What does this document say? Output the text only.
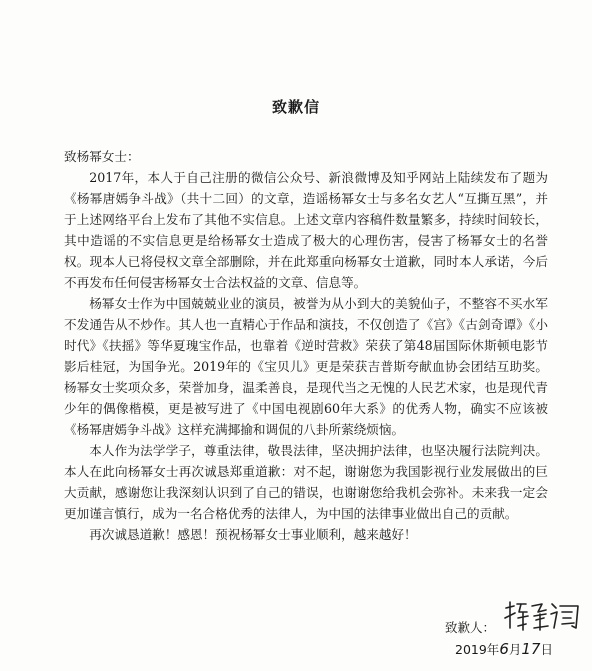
致歉信

致杨幂女士：

2017年，本人于自己注册的微信公众号、新浪微博及知乎网站上陆续发布了题为《杨幂唐嫣争斗战》（共十二回）的文章，造谣杨幂女士与多名女艺人“互撕互黑”，并于上述网络平台上发布了其他不实信息。上述文章内容稿件数量繁多，持续时间较长，其中造谣的不实信息更是给杨幂女士造成了极大的心理伤害，侵害了杨幂女士的名誉权。现本人已将侵权文章全部删除，并在此郑重向杨幂女士道歉，同时本人承诺，今后不再发布任何侵害杨幂女士合法权益的文章、信息等。

杨幂女士作为中国兢兢业业的演员，被誉为从小到大的美貌仙子，不整容不买水军不发通告从不炒作。其人也一直精心于作品和演技，不仅创造了《宫》《古剑奇谭》《小时代》《扶摇》等华夏瑰宝作品，也靠着《逆时营救》荣获了第48届国际休斯顿电影节影后桂冠，为国争光。2019年的《宝贝儿》更是荣获吉普斯夸献血协会团结互助奖。杨幂女士奖项众多，荣誉加身，温柔善良，是现代当之无愧的人民艺术家，也是现代青少年的偶像楷模，更是被写进了《中国电视剧60年大系》的优秀人物，确实不应该被《杨幂唐嫣争斗战》这样充满揶揄和调侃的八卦所萦绕烦恼。

本人作为法学学子，尊重法律，敬畏法律，坚决拥护法律，也坚决履行法院判决。本人在此向杨幂女士再次诚恳郑重道歉：对不起，谢谢您为我国影视行业发展做出的巨大贡献，感谢您让我深刻认识到了自己的错误，也谢谢您给我机会弥补。未来我一定会更加谨言慎行，成为一名合格优秀的法律人，为中国的法律事业做出自己的贡献。

再次诚恳道歉！感恩！预祝杨幂女士事业顺利，越来越好！

致歉人：
2019年6月17日
